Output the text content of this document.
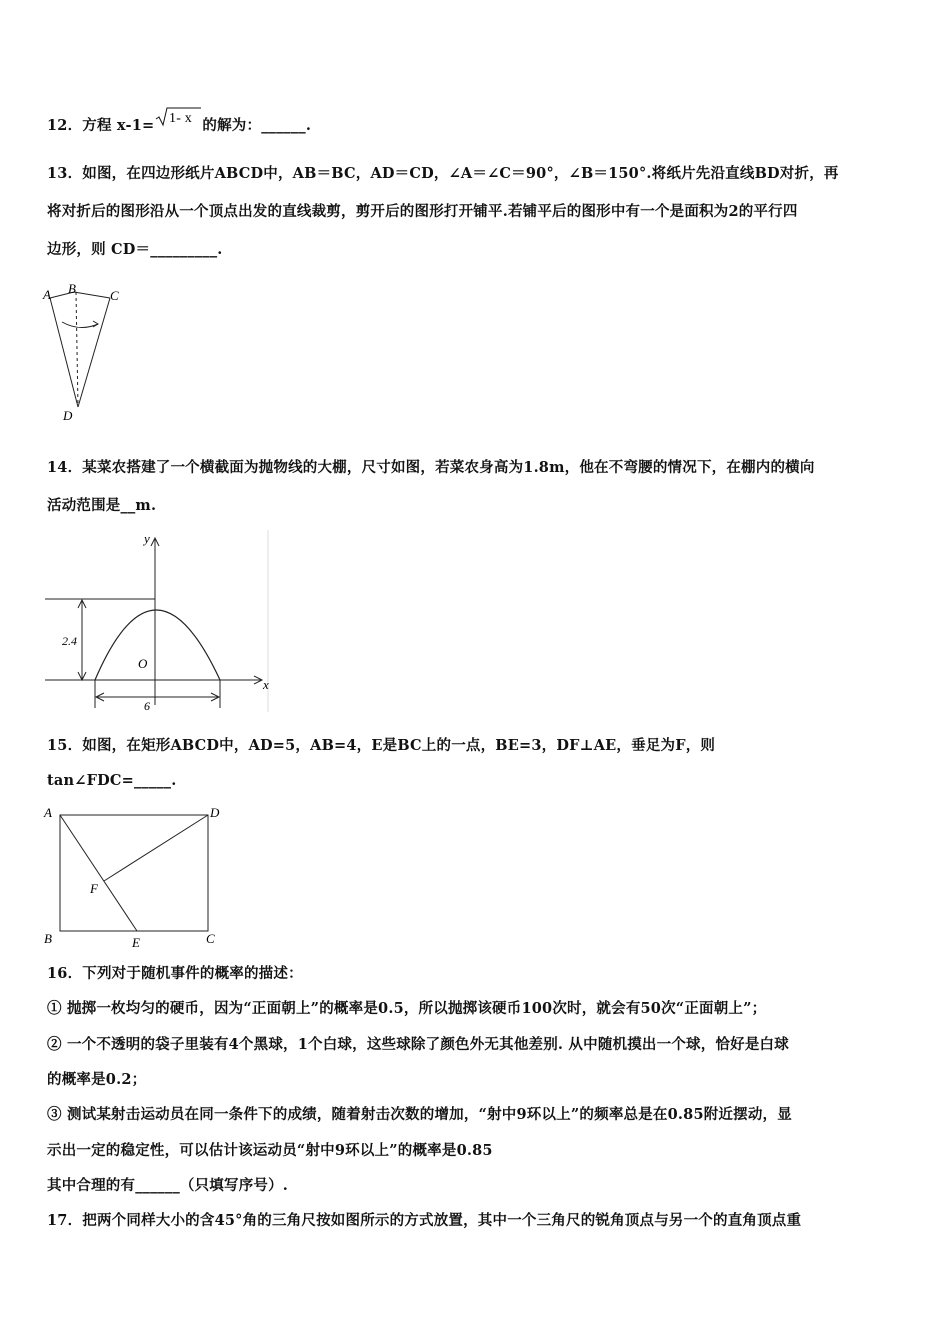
12．方程 x-1= 1- x 的解为：______.
13．如图，在四边形纸片ABCD中，AB＝BC，AD＝CD，∠A＝∠C＝90°，∠B＝150°.将纸片先沿直线BD对折，再
将对折后的图形沿从一个顶点出发的直线裁剪，剪开后的图形打开铺平.若铺平后的图形中有一个是面积为2的平行四
边形，则 CD＝_________.
A B	C
D
14．某菜农搭建了一个横截面为抛物线的大棚，尺寸如图，若菜农身高为1.8m，他在不弯腰的情况下，在棚内的横向
活动范围是__m.
y
x
O
2.4
6
15．如图，在矩形ABCD中，AD=5，AB=4，E是BC上的一点，BE=3，DF⊥AE，垂足为F，则
tan∠FDC=_____.
A	D
B	C
E
F
16．下列对于随机事件的概率的描述：
① 抛掷一枚均匀的硬币，因为“正面朝上”的概率是0.5，所以抛掷该硬币100次时，就会有50次“正面朝上”；
② 一个不透明的袋子里装有4个黑球，1个白球，这些球除了颜色外无其他差别. 从中随机摸出一个球，恰好是白球
的概率是0.2；
③ 测试某射击运动员在同一条件下的成绩，随着射击次数的增加，“射中9环以上”的频率总是在0.85附近摆动，显
示出一定的稳定性，可以估计该运动员“射中9环以上”的概率是0.85
其中合理的有______（只填写序号）.
17．把两个同样大小的含45°角的三角尺按如图所示的方式放置，其中一个三角尺的锐角顶点与另一个的直角顶点重
